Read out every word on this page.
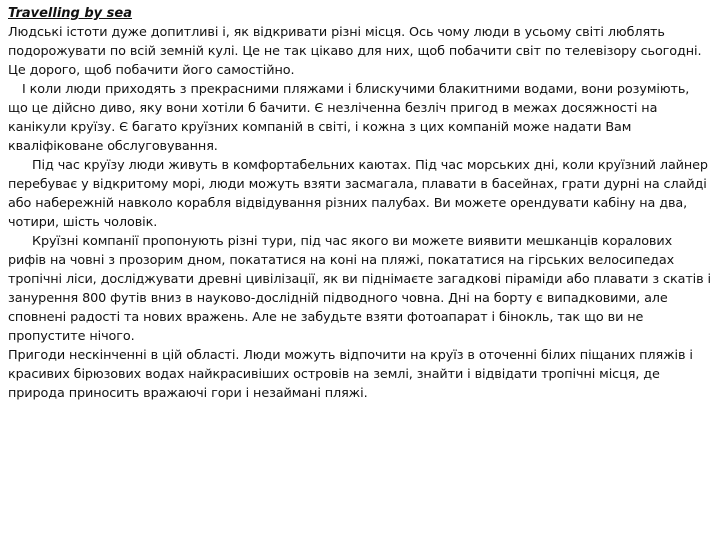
Travelling by sea

Людські істоти дуже допитливі і, як відкривати різні місця. Ось чому люди в усьому світі люблять подорожувати по всій земній кулі. Це не так цікаво для них, щоб побачити світ по телевізору сьогодні. Це дорого, щоб побачити його самостійно.

І коли люди приходять з прекрасними пляжами і блискучими блакитними водами, вони розуміють, що це дійсно диво, яку вони хотіли б бачити. Є незліченна безліч пригод в межах досяжності на канікули круїзу. Є багато круїзних компаній в світі, і кожна з цих компаній може надати Вам кваліфіковане обслуговування.

Під час круїзу люди живуть в комфортабельних каютах. Під час морських дні, коли круїзний лайнер перебуває у відкритому морі, люди можуть взяти засмагала, плавати в басейнах, грати дурні на слайді або набережній навколо корабля відвідування різних палубах. Ви можете орендувати кабіну на два, чотири, шість чоловік.

Круїзні компанії пропонують різні тури, під час якого ви можете виявити мешканців коралових рифів на човні з прозорим дном, покататися на коні на пляжі, покататися на гірських велосипедах тропічні ліси, досліджувати древні цивілізації, як ви піднімаєте загадкові піраміди або плавати з скатів і занурення 800 футів вниз в науково-дослідній підводного човна. Дні на борту є випадковими, але сповнені радості та нових вражень. Але не забудьте взяти фотоапарат і бінокль, так що ви не пропустите нічого.

Пригоди нескінченні в цій області. Люди можуть відпочити на круїз в оточенні білих піщаних пляжів і красивих бірюзових водах найкрасивіших островів на землі, знайти і відвідати тропічні місця, де природа приносить вражаючі гори і незаймані пляжі.
